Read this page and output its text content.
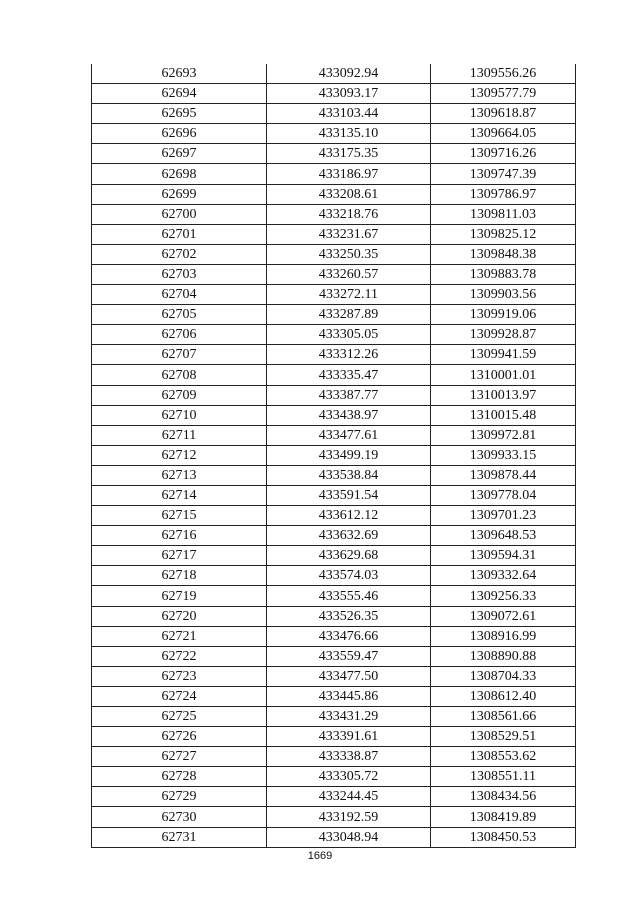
62693	433092.94	1309556.26
62694	433093.17	1309577.79
62695	433103.44	1309618.87
62696	433135.10	1309664.05
62697	433175.35	1309716.26
62698	433186.97	1309747.39
62699	433208.61	1309786.97
62700	433218.76	1309811.03
62701	433231.67	1309825.12
62702	433250.35	1309848.38
62703	433260.57	1309883.78
62704	433272.11	1309903.56
62705	433287.89	1309919.06
62706	433305.05	1309928.87
62707	433312.26	1309941.59
62708	433335.47	1310001.01
62709	433387.77	1310013.97
62710	433438.97	1310015.48
62711	433477.61	1309972.81
62712	433499.19	1309933.15
62713	433538.84	1309878.44
62714	433591.54	1309778.04
62715	433612.12	1309701.23
62716	433632.69	1309648.53
62717	433629.68	1309594.31
62718	433574.03	1309332.64
62719	433555.46	1309256.33
62720	433526.35	1309072.61
62721	433476.66	1308916.99
62722	433559.47	1308890.88
62723	433477.50	1308704.33
62724	433445.86	1308612.40
62725	433431.29	1308561.66
62726	433391.61	1308529.51
62727	433338.87	1308553.62
62728	433305.72	1308551.11
62729	433244.45	1308434.56
62730	433192.59	1308419.89
62731	433048.94	1308450.53
1669
